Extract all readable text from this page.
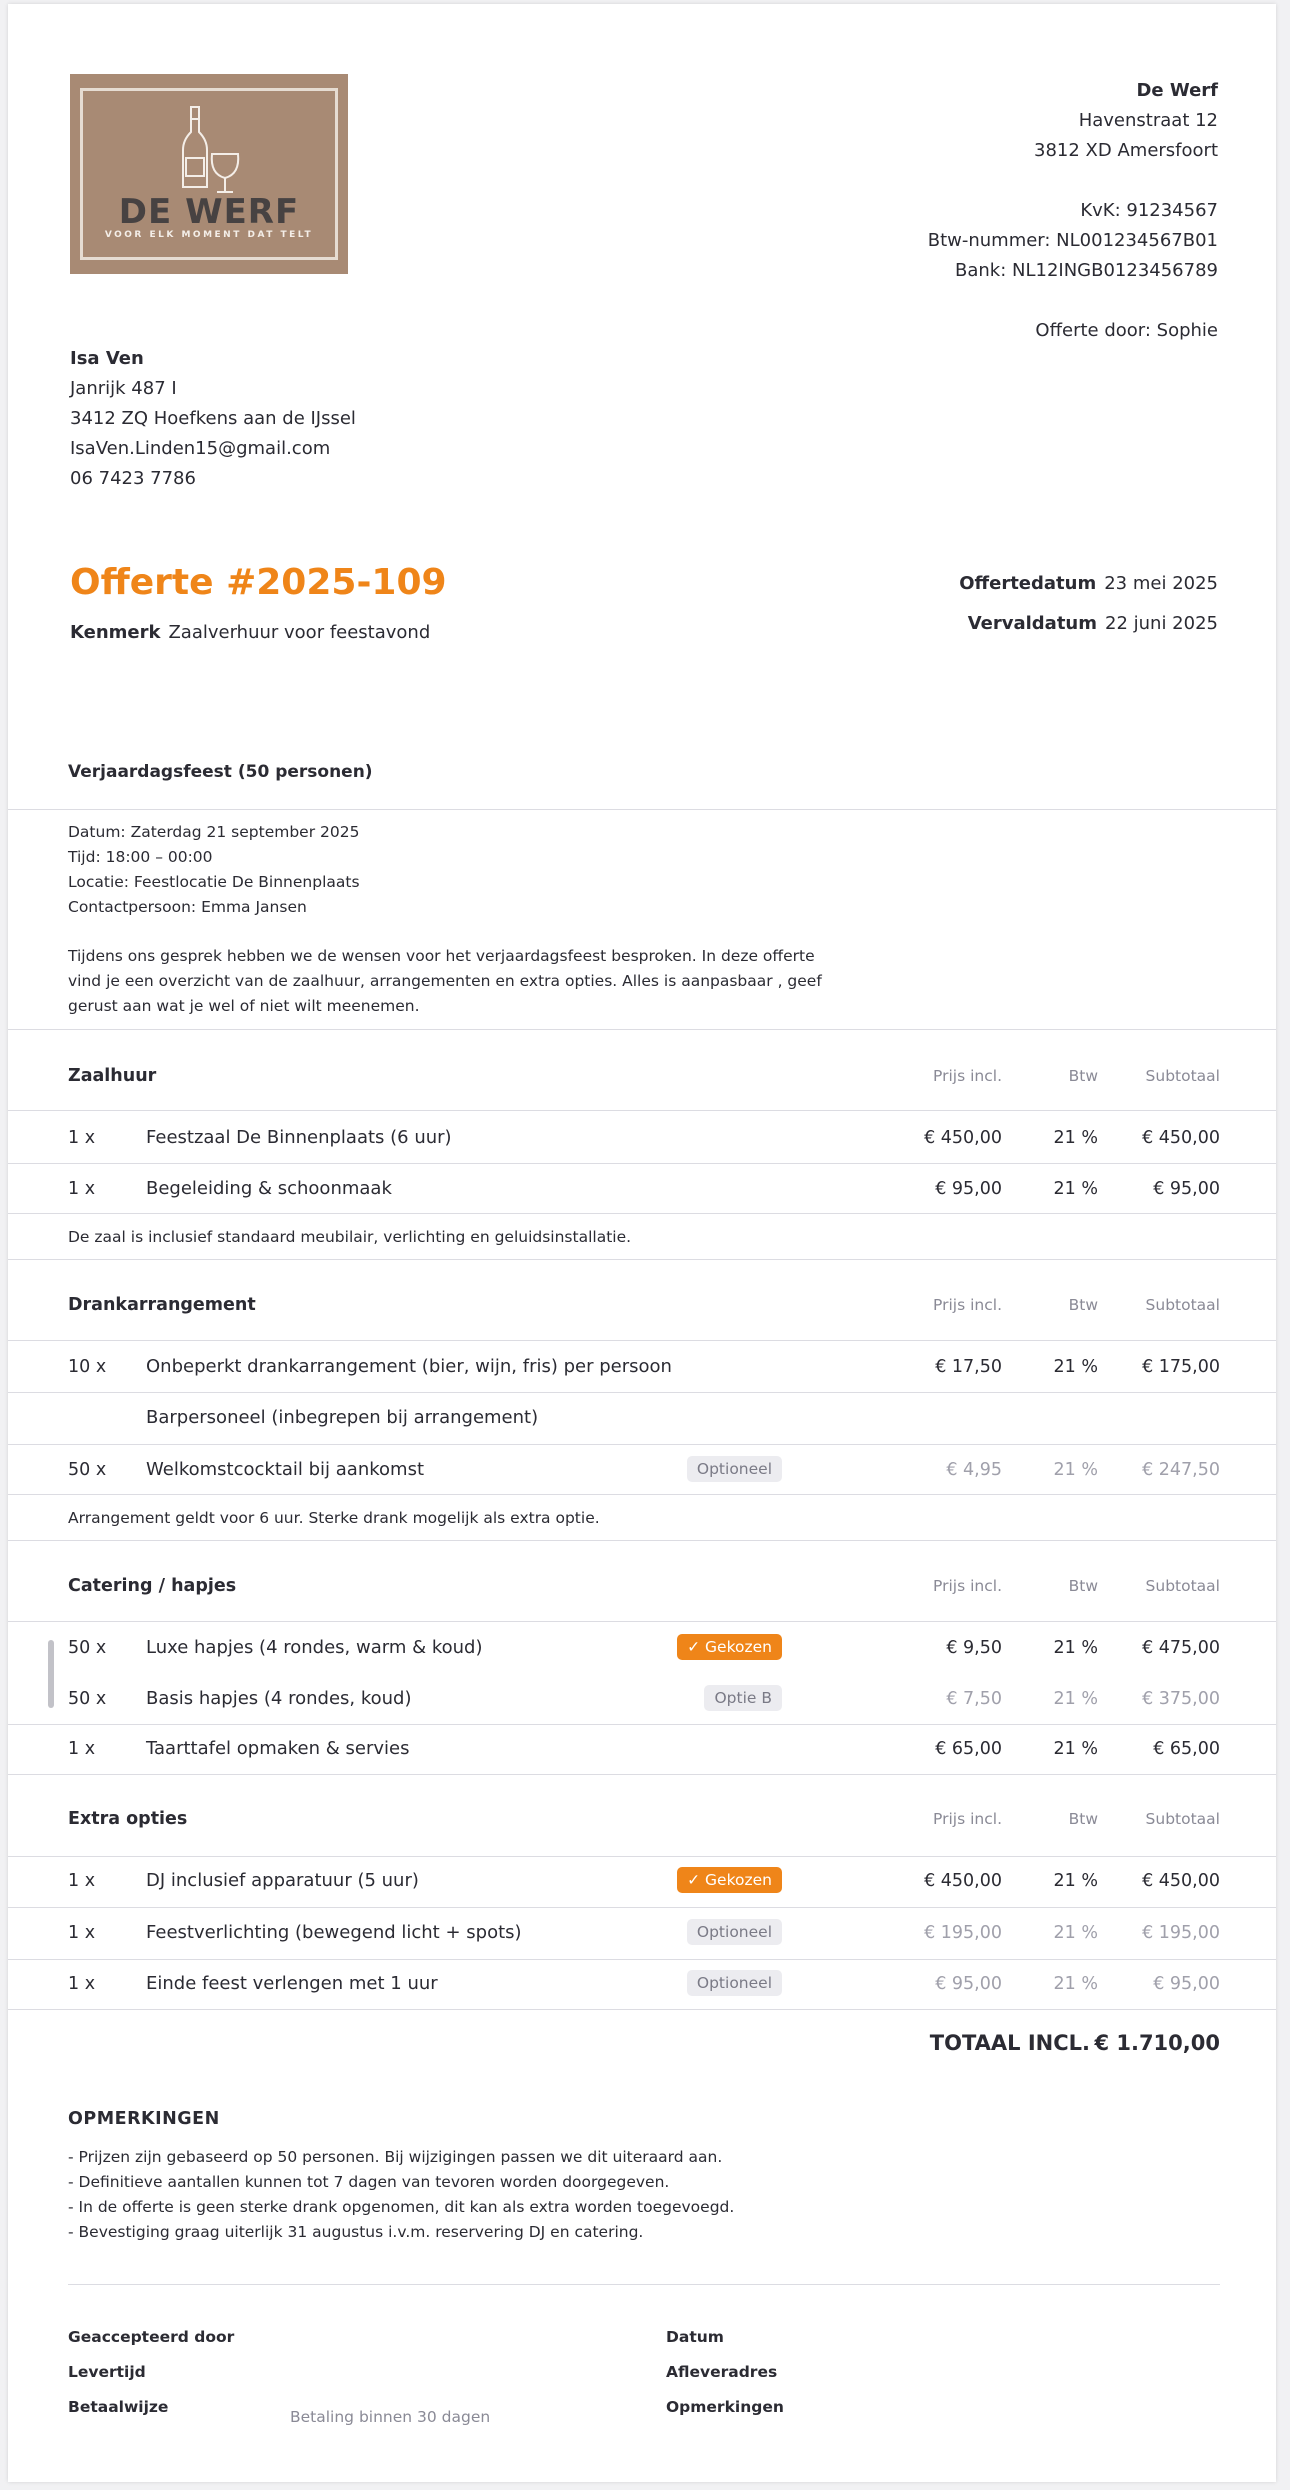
DE WERF
VOOR ELK MOMENT DAT TELT
De Werf
Havenstraat 12
3812 XD Amersfoort
KvK: 91234567
Btw-nummer: NL001234567B01
Bank: NL12INGB0123456789
Offerte door: Sophie
Isa Ven
Janrijk 487 I
3412 ZQ Hoefkens aan de IJssel
IsaVen.Linden15@gmail.com
06 7423 7786
Offerte #2025-109
Kenmerk Zaalverhuur voor feestavond
Offertedatum 23 mei 2025
Vervaldatum 22 juni 2025
Verjaardagsfeest (50 personen)
Datum: Zaterdag 21 september 2025
Tijd: 18:00 – 00:00
Locatie: Feestlocatie De Binnenplaats
Contactpersoon: Emma Jansen
Tijdens ons gesprek hebben we de wensen voor het verjaardagsfeest besproken. In deze offerte
vind je een overzicht van de zaalhuur, arrangementen en extra opties. Alles is aanpasbaar , geef
gerust aan wat je wel of niet wilt meenemen.
Zaalhuur	Prijs incl.	Btw	Subtotaal
1 x	Feestzaal De Binnenplaats (6 uur)	€ 450,00	21 %	€ 450,00
1 x	Begeleiding & schoonmaak	€ 95,00	21 %	€ 95,00
De zaal is inclusief standaard meubilair, verlichting en geluidsinstallatie.
Drankarrangement	Prijs incl.	Btw	Subtotaal
10 x Onbeperkt drankarrangement (bier, wijn, fris) per persoon	€ 17,50	21 %	€ 175,00
Barpersoneel (inbegrepen bij arrangement)
50 x Welkomstcocktail bij aankomst	Optioneel	€ 4,95	21 %	€ 247,50
Arrangement geldt voor 6 uur. Sterke drank mogelijk als extra optie.
Catering / hapjes	Prijs incl.	Btw	Subtotaal
50 x Luxe hapjes (4 rondes, warm & koud)	✓ Gekozen	€ 9,50	21 %	€ 475,00
50 x Basis hapjes (4 rondes, koud)	Optie B	€ 7,50	21 %	€ 375,00
1 x	Taarttafel opmaken & servies	€ 65,00	21 %	€ 65,00
Extra opties	Prijs incl.	Btw	Subtotaal
1 x	DJ inclusief apparatuur (5 uur)	✓ Gekozen	€ 450,00	21 %	€ 450,00
1 x	Feestverlichting (bewegend licht + spots)	Optioneel	€ 195,00	21 %	€ 195,00
1 x	Einde feest verlengen met 1 uur	Optioneel	€ 95,00	21 %	€ 95,00
TOTAAL INCL. € 1.710,00
OPMERKINGEN
- Prijzen zijn gebaseerd op 50 personen. Bij wijzigingen passen we dit uiteraard aan.
- Definitieve aantallen kunnen tot 7 dagen van tevoren worden doorgegeven.
- In de offerte is geen sterke drank opgenomen, dit kan als extra worden toegevoegd.
- Bevestiging graag uiterlijk 31 augustus i.v.m. reservering DJ en catering.
Geaccepteerd door
Levertijd
Betaalwijze
Betaling binnen 30 dagen
Datum
Afleveradres
Opmerkingen
